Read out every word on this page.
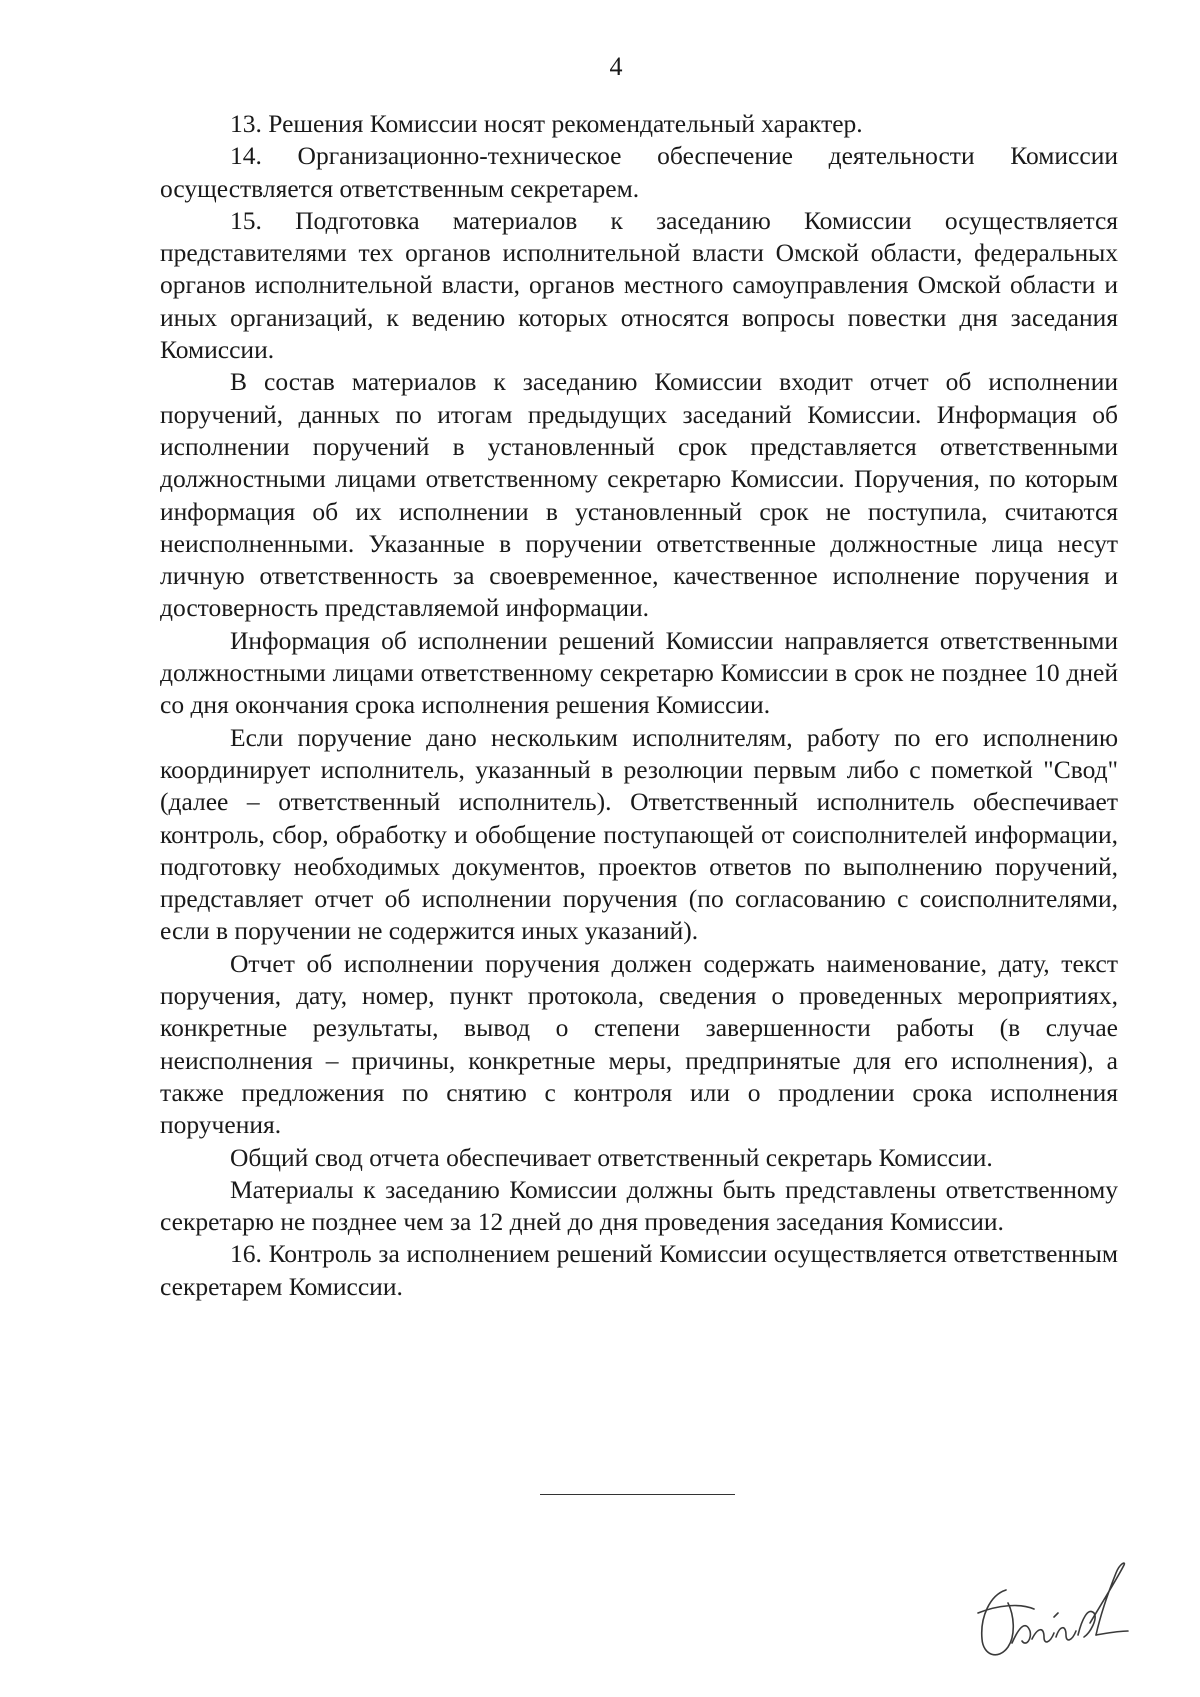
4

13. Решения Комиссии носят рекомендательный характер.

14. Организационно-техническое обеспечение деятельности Комиссии осуществляется ответственным секретарем.

15. Подготовка материалов к заседанию Комиссии осуществляется представителями тех органов исполнительной власти Омской области, федеральных органов исполнительной власти, органов местного самоуправления Омской области и иных организаций, к ведению которых относятся вопросы повестки дня заседания Комиссии.

В состав материалов к заседанию Комиссии входит отчет об исполнении поручений, данных по итогам предыдущих заседаний Комиссии. Информация об исполнении поручений в установленный срок представляется ответственными должностными лицами ответственному секретарю Комиссии. Поручения, по которым информация об их исполнении в установленный срок не поступила, считаются неисполненными. Указанные в поручении ответственные должностные лица несут личную ответственность за своевременное, качественное исполнение поручения и достоверность представляемой информации.

Информация об исполнении решений Комиссии направляется ответственными должностными лицами ответственному секретарю Комиссии в срок не позднее 10 дней со дня окончания срока исполнения решения Комиссии.

Если поручение дано нескольким исполнителям, работу по его исполнению координирует исполнитель, указанный в резолюции первым либо с пометкой "Свод" (далее – ответственный исполнитель). Ответственный исполнитель обеспечивает контроль, сбор, обработку и обобщение поступающей от соисполнителей информации, подготовку необходимых документов, проектов ответов по выполнению поручений, представляет отчет об исполнении поручения (по согласованию с соисполнителями, если в поручении не содержится иных указаний).

Отчет об исполнении поручения должен содержать наименование, дату, текст поручения, дату, номер, пункт протокола, сведения о проведенных мероприятиях, конкретные результаты, вывод о степени завершенности работы (в случае неисполнения – причины, конкретные меры, предпринятые для его исполнения), а также предложения по снятию с контроля или о продлении срока исполнения поручения.

Общий свод отчета обеспечивает ответственный секретарь Комиссии.

Материалы к заседанию Комиссии должны быть представлены ответственному секретарю не позднее чем за 12 дней до дня проведения заседания Комиссии.

16. Контроль за исполнением решений Комиссии осуществляется ответственным секретарем Комиссии.
